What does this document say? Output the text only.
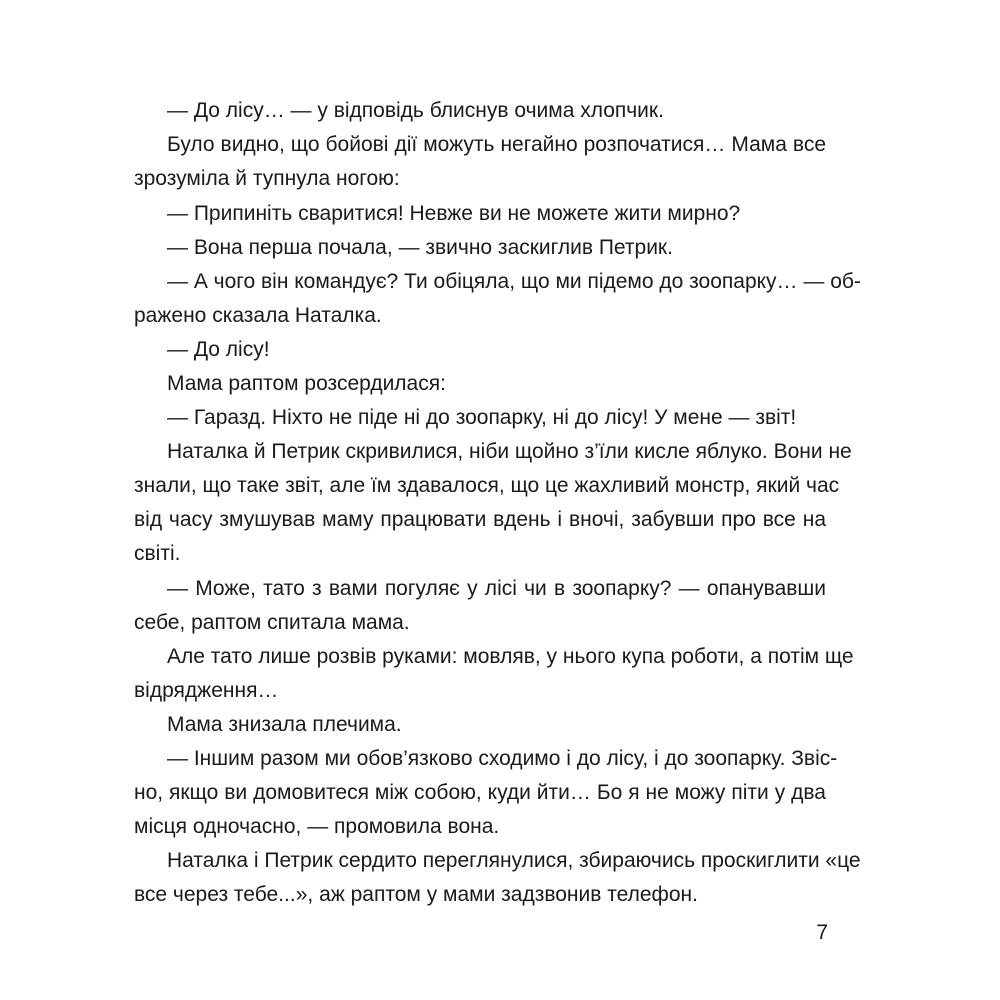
— До лісу… — у відповідь блиснув очима хлопчик.

Було видно, що бойові дії можуть негайно розпочатися… Мама все

зрозуміла й тупнула ногою:

— Припиніть сваритися! Невже ви не можете жити мирно?

— Вона перша почала, — звично заскиглив Петрик.

— А чого він командує? Ти обіцяла, що ми підемо до зоопарку… — об-

ражено сказала Наталка.

— До лісу!

Мама раптом розсердилася:

— Гаразд. Ніхто не піде ні до зоопарку, ні до лісу! У мене — звіт!

Наталка й Петрик скривилися, ніби щойно з’їли кисле яблуко. Вони не

знали, що таке звіт, але їм здавалося, що це жахливий монстр, який час

від часу змушував маму працювати вдень і вночі, забувши про все на

світі.

— Може, тато з вами погуляє у лісі чи в зоопарку? — опанувавши

себе, раптом спитала мама.

Але тато лише розвів руками: мовляв, у нього купа роботи, а потім ще

відрядження…

Мама знизала плечима.

— Іншим разом ми обов’язково сходимо і до лісу, і до зоопарку. Звіс-

но, якщо ви домовитеся між собою, куди йти… Бо я не можу піти у два

місця одночасно, — промовила вона.

Наталка і Петрик сердито переглянулися, збираючись проскиглити «це

все через тебе...», аж раптом у мами задзвонив телефон.

7
